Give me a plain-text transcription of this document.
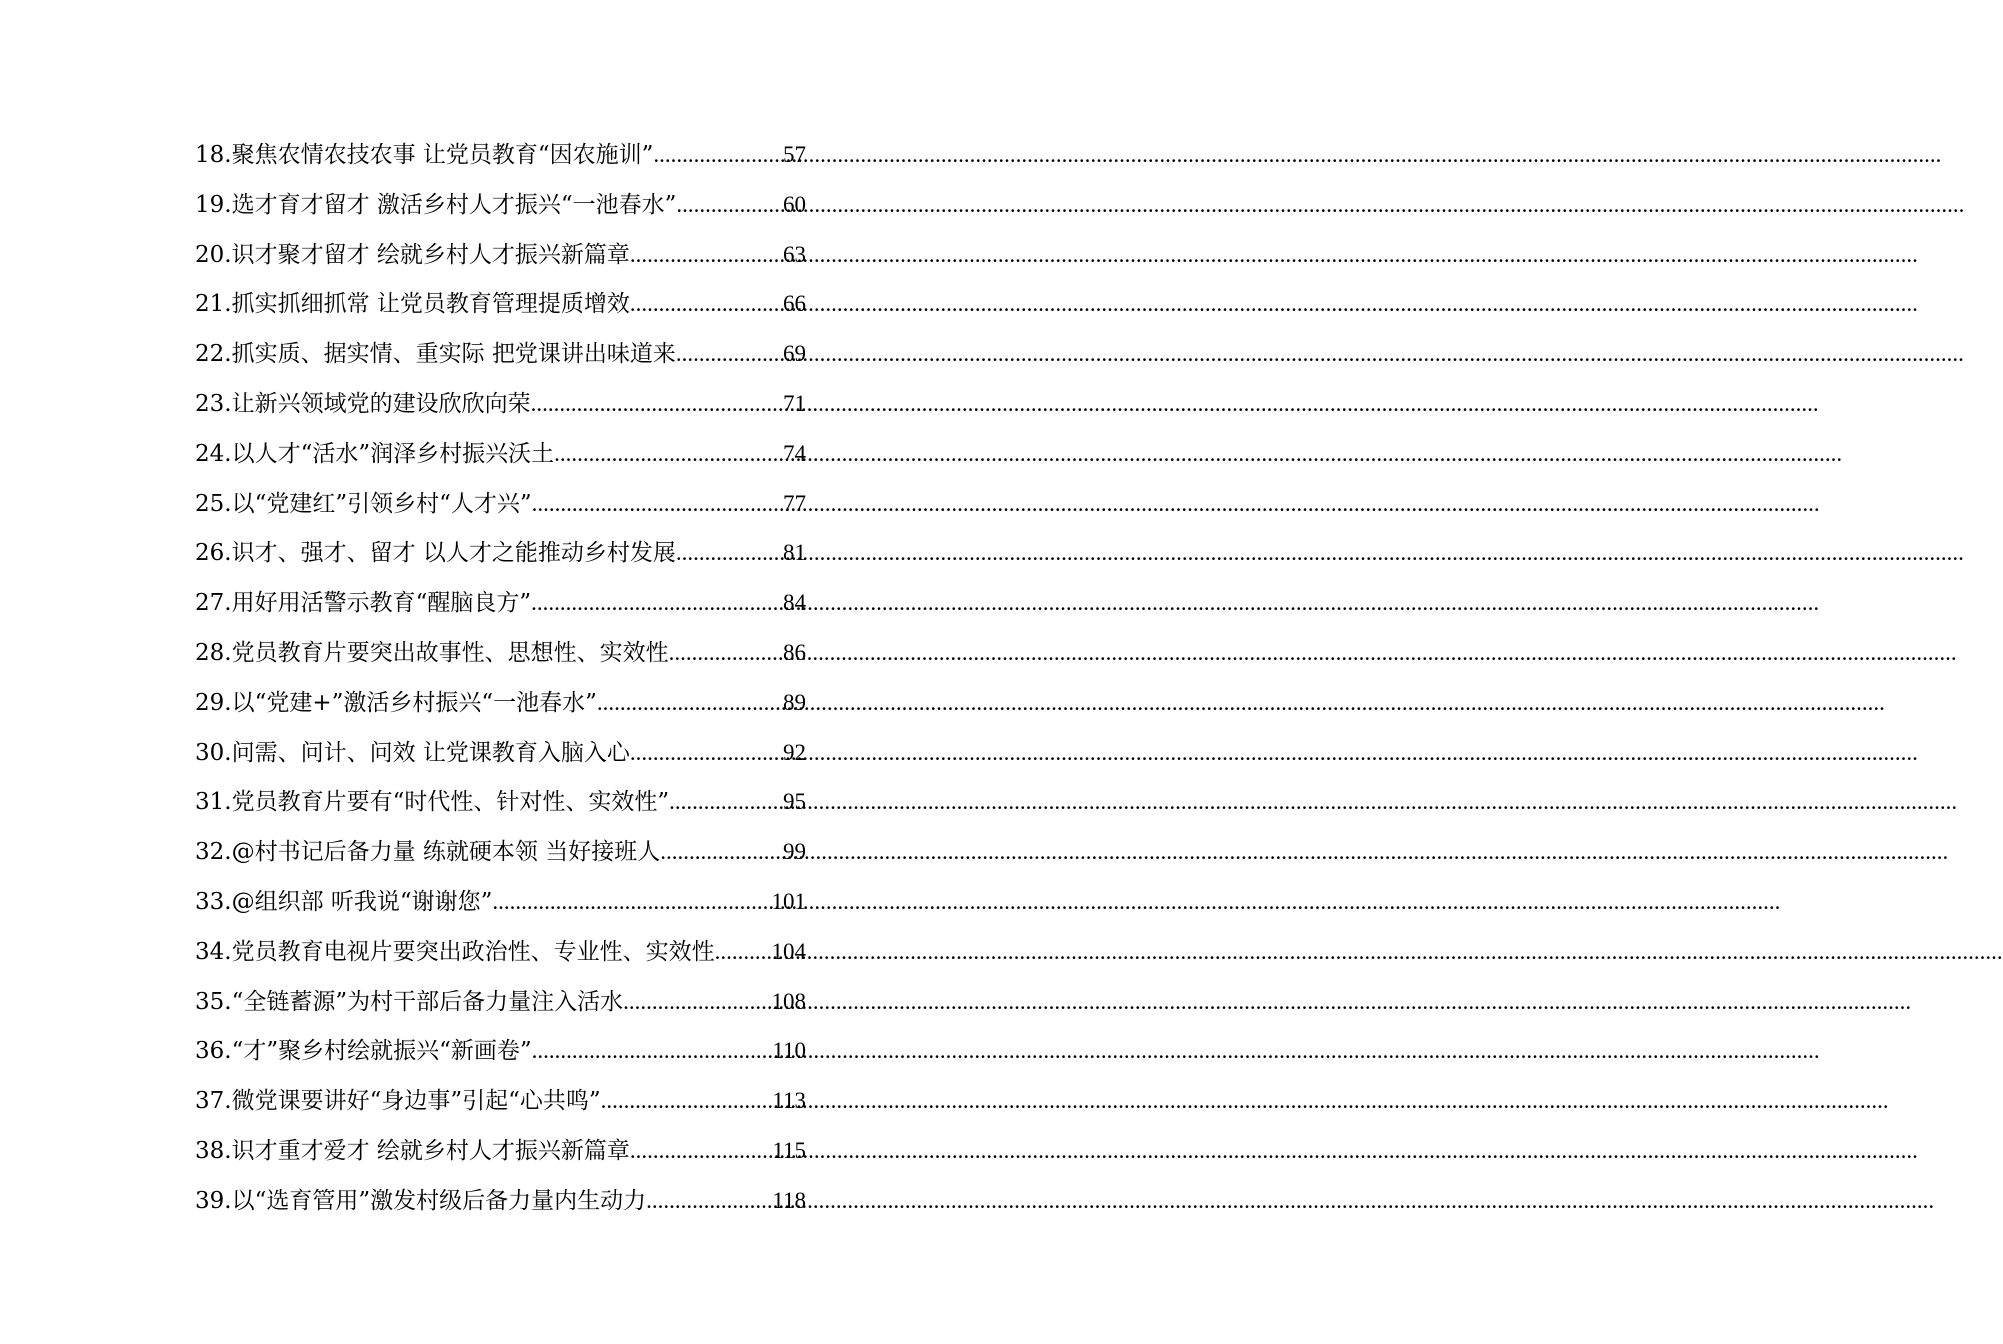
18.聚焦农情农技农事 让党员教育“因农施训” .....	57
19.选才育才留才 激活乡村人才振兴“一池春水” .....	60
20.识才聚才留才 绘就乡村人才振兴新篇章 .....	63
21.抓实抓细抓常 让党员教育管理提质增效 .....	66
22.抓实质、据实情、重实际 把党课讲出味道来 .....	69
23.让新兴领域党的建设欣欣向荣 .....	71
24.以人才“活水”润泽乡村振兴沃土 .....	74
25.以“党建红”引领乡村“人才兴” .....	77
26.识才、强才、留才 以人才之能推动乡村发展 .....	81
27.用好用活警示教育“醒脑良方” .....	84
28.党员教育片要突出故事性、思想性、实效性 .....	86
29.以“党建+”激活乡村振兴“一池春水” .....	89
30.问需、问计、问效 让党课教育入脑入心 .....	92
31.党员教育片要有“时代性、针对性、实效性” .....	95
32.@村书记后备力量 练就硬本领 当好接班人 .....	99
33.@组织部 听我说“谢谢您” .....	101
34.党员教育电视片要突出政治性、专业性、实效性 ..... 104
35.“全链蓄源”为村干部后备力量注入活水 .....	108
36.“才”聚乡村绘就振兴“新画卷” .....	110
37.微党课要讲好“身边事”引起“心共鸣” .....	113
38.识才重才爱才 绘就乡村人才振兴新篇章 .....	115
39.以“选育管用”激发村级后备力量内生动力 .....	118
